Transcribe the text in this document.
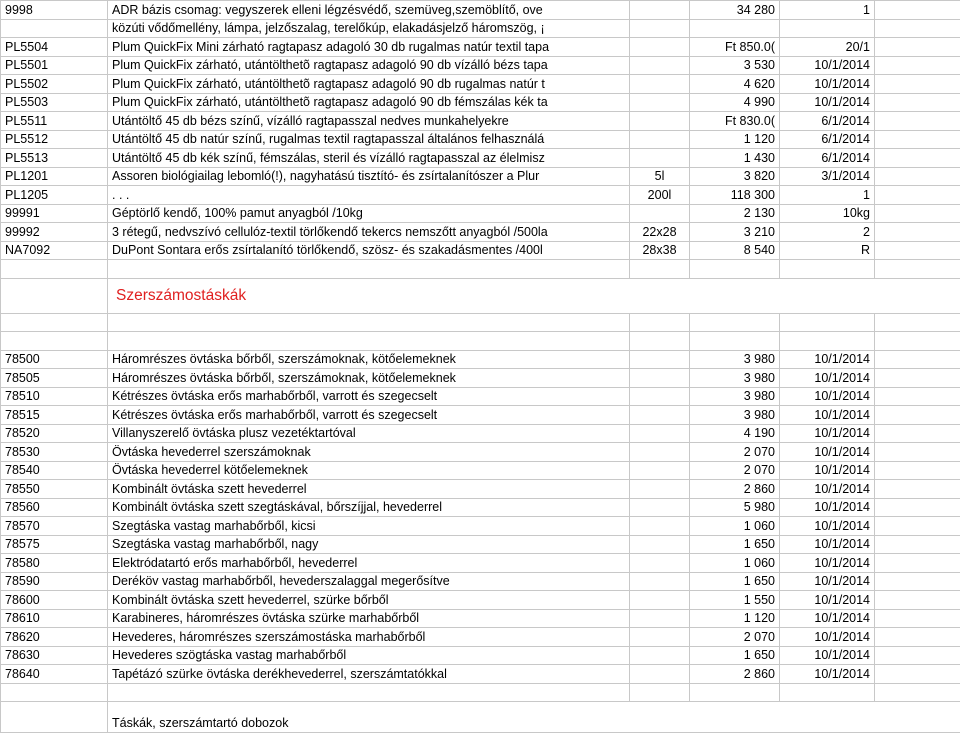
9998	ADR bázis csomag: vegyszerek elleni légzésvédő, szemüveg,szemöblítő, ove		34 280	1	
	közúti vődőmellény, lámpa, jelzőszalag, terelőkúp, elakadásjelző háromszög, ¡				
PL5504	Plum QuickFix Mini zárható ragtapasz adagoló 30 db rugalmas natúr textil tapa		Ft 850.0(	20/1	
PL5501	Plum QuickFix zárható, utántölthetõ ragtapasz adagoló 90 db vízálló bézs tapa		3 530	10/1/2014	
PL5502	Plum QuickFix zárható, utántölthetõ ragtapasz adagoló 90 db rugalmas natúr t		4 620	10/1/2014	
PL5503	Plum QuickFix zárható, utántölthetõ ragtapasz adagoló 90 db fémszálas kék ta		4 990	10/1/2014	
PL5511	Utántöltő 45 db bézs színű, vízálló ragtapasszal nedves munkahelyekre		Ft 830.0(	6/1/2014	
PL5512	Utántöltő 45 db natúr színű, rugalmas textil ragtapasszal általános felhasználá		1 120	6/1/2014	
PL5513	Utántöltő 45 db kék színű, fémszálas, steril és vízálló ragtapasszal az élelmisz		1 430	6/1/2014	
PL1201	Assoren biológiailag lebomló(!), nagyhatású tisztító- és zsírtalanítószer a Plur	5l	3 820	3/1/2014	
PL1205	. . .	200l	118 300	1	
99991	Géptörlő kendő, 100% pamut anyagból /10kg		2 130	10kg	
99992	3 rétegű, nedvszívó cellulóz-textil törlőkendő tekercs nemszőtt anyagból /500la	22x28	3 210	2	
NA7092	DuPont Sontara erős zsírtalanító törlőkendő, szösz- és szakadásmentes /400l	28x38	8 540	R	

	Szerszámostáskák				

78500	Háromrészes övtáska bőrből, szerszámoknak, kötőelemeknek		3 980	10/1/2014	
78505	Háromrészes övtáska bőrből, szerszámoknak, kötőelemeknek		3 980	10/1/2014	
78510	Kétrészes övtáska erős marhabőrből, varrott és szegecselt		3 980	10/1/2014	
78515	Kétrészes övtáska erős marhabőrből, varrott és szegecselt		3 980	10/1/2014	
78520	Villanyszerelő övtáska plusz vezetéktartóval		4 190	10/1/2014	
78530	Övtáska hevederrel szerszámoknak		2 070	10/1/2014	
78540	Övtáska hevederrel kötőelemeknek		2 070	10/1/2014	
78550	Kombinált övtáska szett hevederrel		2 860	10/1/2014	
78560	Kombinált övtáska szett szegtáskával, bőrszíjjal, hevederrel		5 980	10/1/2014	
78570	Szegtáska vastag marhabőrből, kicsi		1 060	10/1/2014	
78575	Szegtáska vastag marhabőrből, nagy		1 650	10/1/2014	
78580	Elektródatartó erős marhabőrből, hevederrel		1 060	10/1/2014	
78590	Deréköv vastag marhabőrből, hevederszalaggal megerősítve		1 650	10/1/2014	
78600	Kombinált övtáska szett hevederrel, szürke bőrből		1 550	10/1/2014	
78610	Karabineres, háromrészes övtáska szürke marhabőrből		1 120	10/1/2014	
78620	Hevederes, háromrészes szerszámostáska marhabőrből		2 070	10/1/2014	
78630	Hevederes szögtáska vastag marhabőrből		1 650	10/1/2014	
78640	Tapétázó szürke övtáska derékhevederrel, szerszámtatókkal		2 860	10/1/2014	

	Táskák, szerszámtartó dobozok				
